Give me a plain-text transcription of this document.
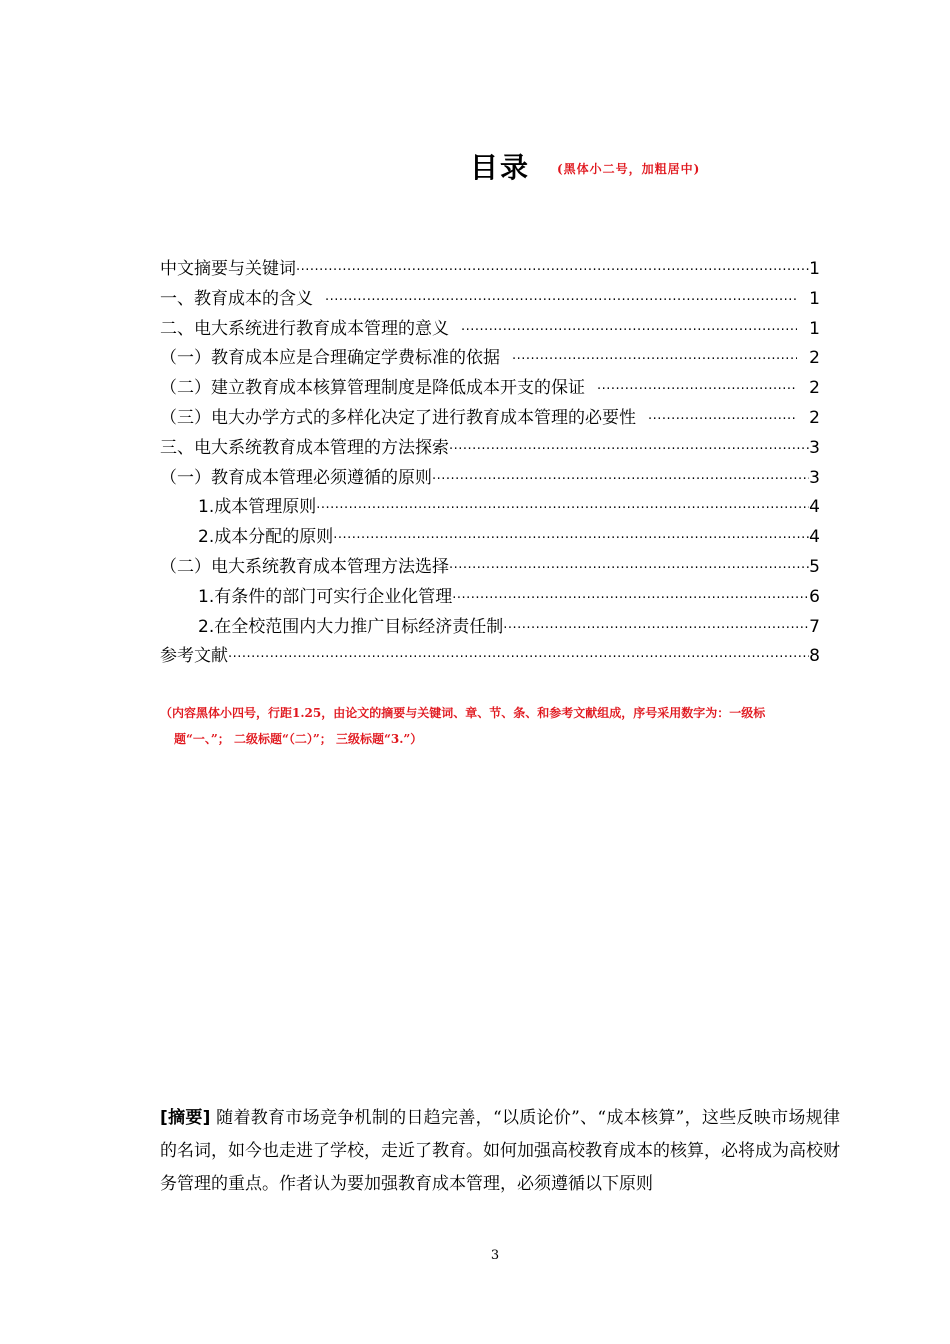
目录 (黑体小二号，加粗居中)
中文摘要与关键词 ·····	1
一、教育成本的含义 ·····	1
二、电大系统进行教育成本管理的意义 ·····	1
（一）教育成本应是合理确定学费标准的依据 ·····	2
（二）建立教育成本核算管理制度是降低成本开支的保证 ·····	2
（三）电大办学方式的多样化决定了进行教育成本管理的必要性 ·····	2
三、电大系统教育成本管理的方法探索 ·····	3
（一）教育成本管理必须遵循的原则 ·····	3
1.成本管理原则 ·····	4
2.成本分配的原则 ·····	4
（二）电大系统教育成本管理方法选择 ·····	5
1.有条件的部门可实行企业化管理 ·····	6
2.在全校范围内大力推广目标经济责任制 ·····	7
参考文献 ·····	8
（内容黑体小四号，行距1.25，由论文的摘要与关键词、章、节、条、和参考文献组成，序号采用数字为：一级标
题“一、”； 二级标题“（二）”； 三级标题“3.”）

[摘要] 随着教育市场竞争机制的日趋完善，“以质论价”、“成本核算”，这些反映市场规律的名词，如今也走进了学校，走近了教育。如何加强高校教育成本的核算，必将成为高校财务管理的重点。作者认为要加强教育成本管理，必须遵循以下原则

3
